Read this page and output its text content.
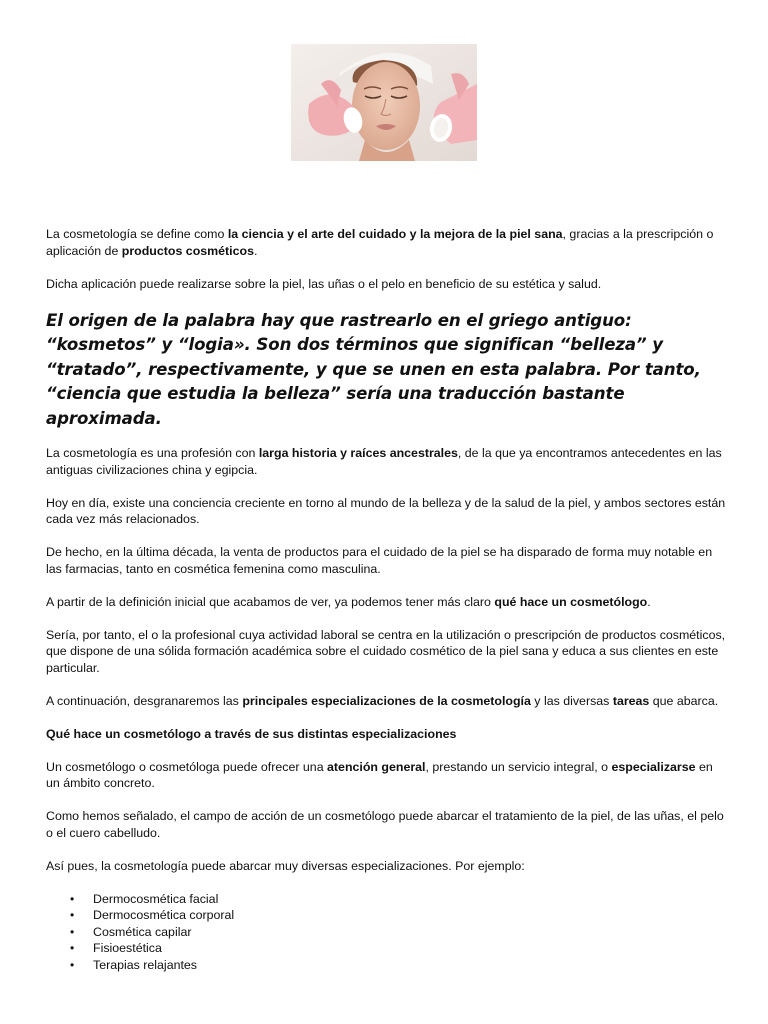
La cosmetología se define como la ciencia y el arte del cuidado y la mejora de la piel sana, gracias a la prescripción o aplicación de productos cosméticos.

Dicha aplicación puede realizarse sobre la piel, las uñas o el pelo en beneficio de su estética y salud.

El origen de la palabra hay que rastrearlo en el griego antiguo: “kosmetos” y “logia». Son dos términos que significan “belleza” y “tratado”, respectivamente, y que se unen en esta palabra. Por tanto, “ciencia que estudia la belleza” sería una traducción bastante aproximada.

La cosmetología es una profesión con larga historia y raíces ancestrales, de la que ya encontramos antecedentes en las antiguas civilizaciones china y egipcia.

Hoy en día, existe una conciencia creciente en torno al mundo de la belleza y de la salud de la piel, y ambos sectores están cada vez más relacionados.

De hecho, en la última década, la venta de productos para el cuidado de la piel se ha disparado de forma muy notable en las farmacias, tanto en cosmética femenina como masculina.

A partir de la definición inicial que acabamos de ver, ya podemos tener más claro qué hace un cosmetólogo.

Sería, por tanto, el o la profesional cuya actividad laboral se centra en la utilización o prescripción de productos cosméticos, que dispone de una sólida formación académica sobre el cuidado cosmético de la piel sana y educa a sus clientes en este particular.

A continuación, desgranaremos las principales especializaciones de la cosmetología y las diversas tareas que abarca.

Qué hace un cosmetólogo a través de sus distintas especializaciones

Un cosmetólogo o cosmetóloga puede ofrecer una atención general, prestando un servicio integral, o especializarse en un ámbito concreto.

Como hemos señalado, el campo de acción de un cosmetólogo puede abarcar el tratamiento de la piel, de las uñas, el pelo o el cuero cabelludo.

Así pues, la cosmetología puede abarcar muy diversas especializaciones. Por ejemplo:

• Dermocosmética facial
• Dermocosmética corporal
• Cosmética capilar
• Fisioestética
• Terapias relajantes
